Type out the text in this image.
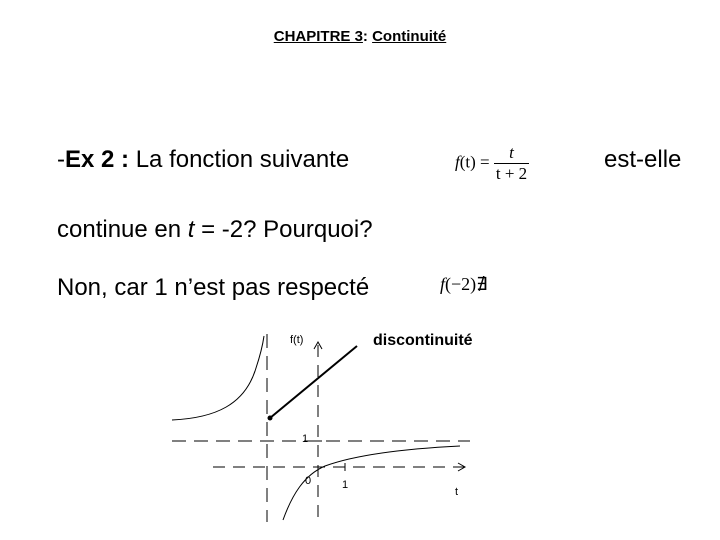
CHAPITRE 3: Continuité
-Ex 2 : La fonction suivante	$f(t) = \frac{t}{t + 2}$	est-elle
continue en t = -2? Pourquoi?
Non, car 1 n’est pas respecté	f(−2)∄
discontinuité
f(t)
1
0	1
t
